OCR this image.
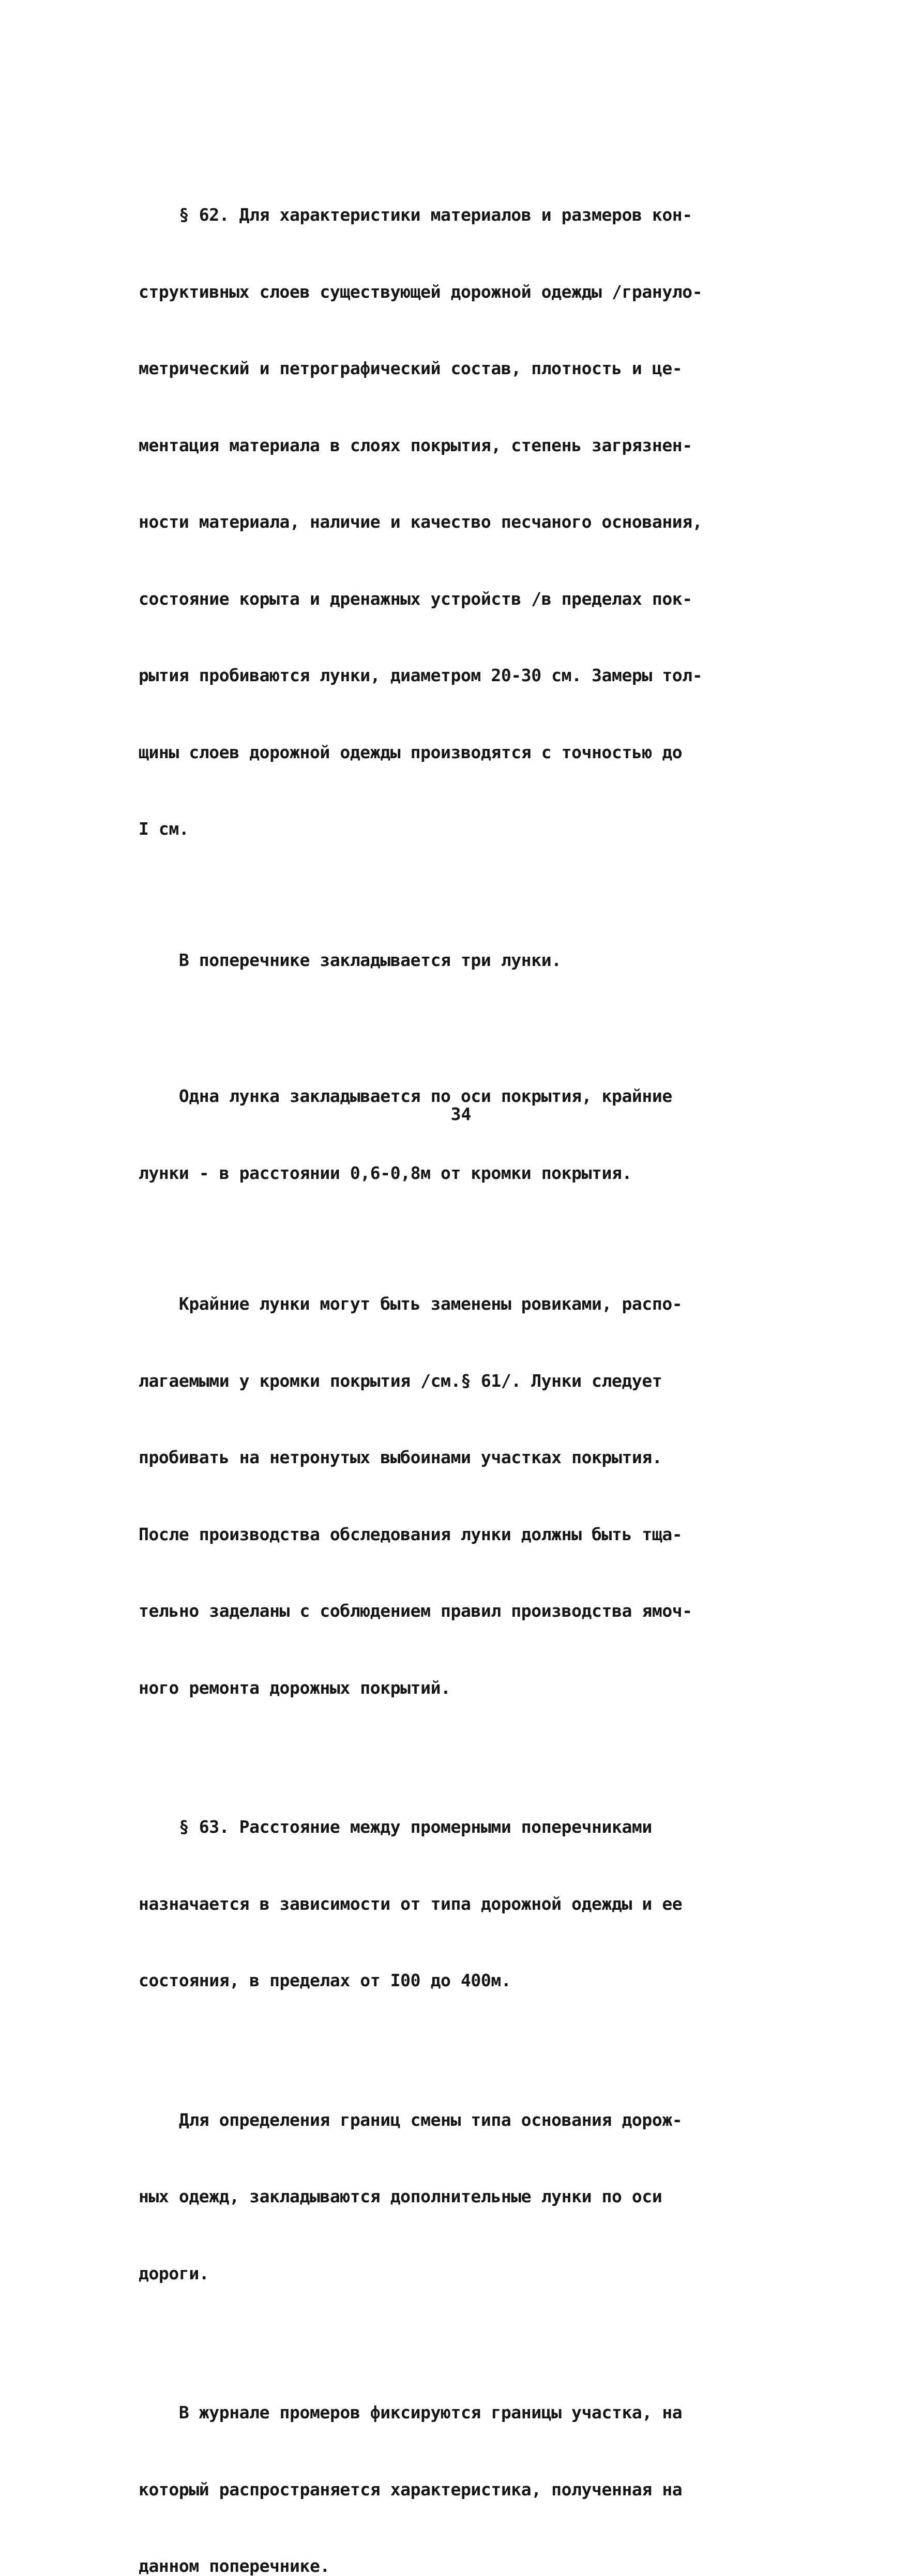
§ 62. Для характеристики материалов и размеров кон-

структивных слоев существующей дорожной одежды /грануло-

метрический и петрографический состав, плотность и це-

ментация материала в слоях покрытия, степень загрязнен-

ности материала, наличие и качество песчаного основания,

состояние корыта и дренажных устройств /в пределах пок-

рытия пробиваются лунки, диаметром 20-30 см. Замеры тол-

щины слоев дорожной одежды производятся с точностью до

I см.

В поперечнике закладывается три лунки.

Одна лунка закладывается по оси покрытия, крайние

лунки - в расстоянии 0,6-0,8м от кромки покрытия.

Крайние лунки могут быть заменены ровиками, распо-

лагаемыми у кромки покрытия /см.§ 61/. Лунки следует

пробивать на нетронутых выбоинами участках покрытия.

После производства обследования лунки должны быть тща-

тельно заделаны с соблюдением правил производства ямоч-

ного ремонта дорожных покрытий.

§ 63. Расстояние между промерными поперечниками

назначается в зависимости от типа дорожной одежды и ее

состояния, в пределах от I00 до 400м.

Для определения границ смены типа основания дорож-

ных одежд, закладываются дополнительные лунки по оси

дороги.

В журнале промеров фиксируются границы участка, на

который распространяется характеристика, полученная на

данном поперечнике.

34
